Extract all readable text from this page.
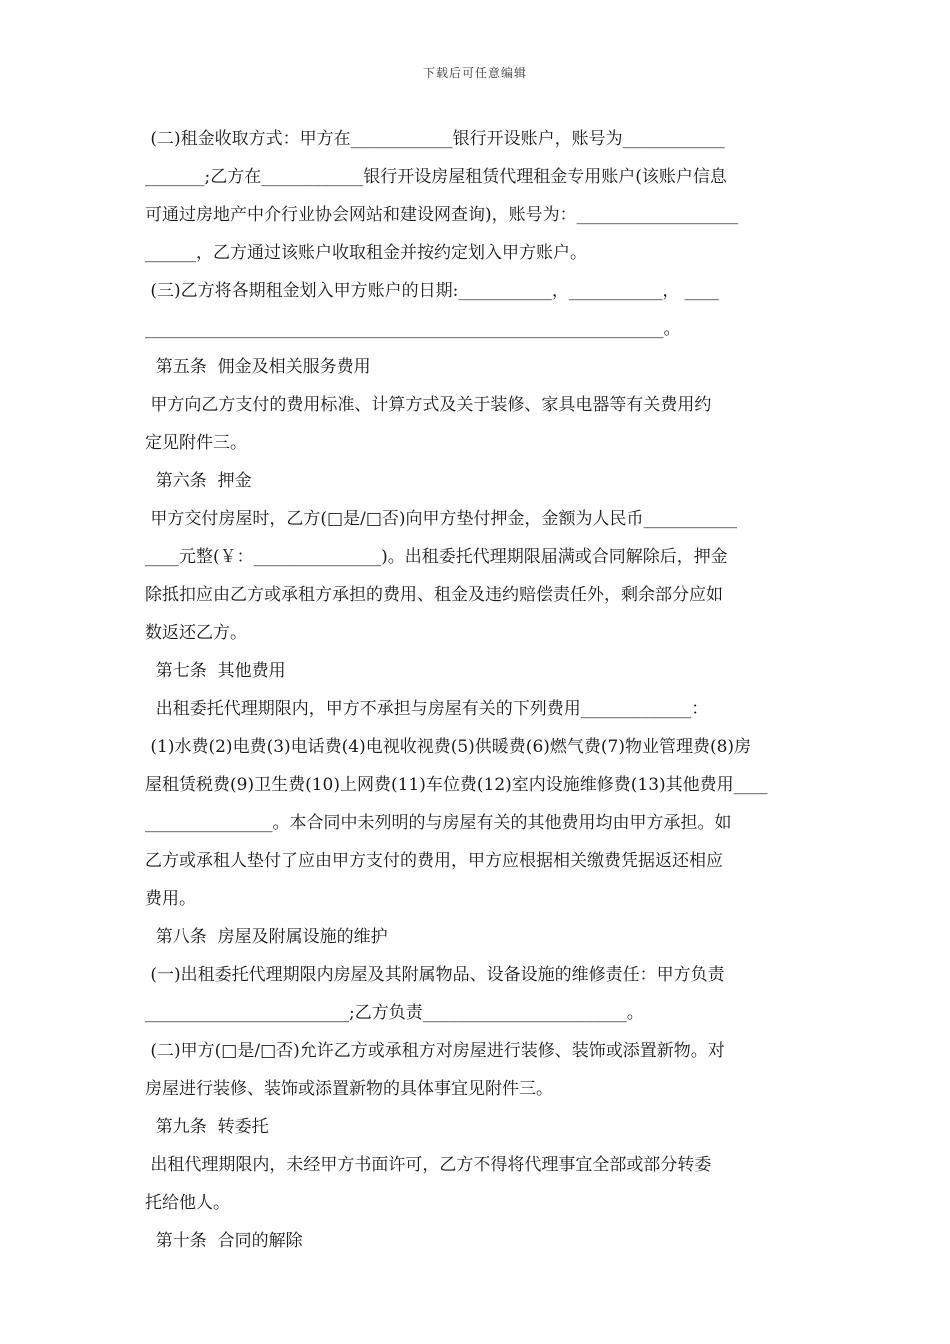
下载后可任意编辑

(二)租金收取方式：甲方在____________银行开设账户，账号为____________

_______;乙方在____________银行开设房屋租赁代理租金专用账户(该账户信息

可通过房地产中介行业协会网站和建设网查询)，账号为：___________________

______，乙方通过该账户收取租金并按约定划入甲方账户。

(三)乙方将各期租金划入甲方账户的日期:___________，___________， ____

_____________________________________________________________。

第五条  佣金及相关服务费用

甲方向乙方支付的费用标准、计算方式及关于装修、家具电器等有关费用约

定见附件三。

第六条  押金

甲方交付房屋时，乙方(□是/□否)向甲方垫付押金，金额为人民币___________

____元整(￥：_______________)。出租委托代理期限届满或合同解除后，押金

除抵扣应由乙方或承租方承担的费用、租金及违约赔偿责任外，剩余部分应如

数返还乙方。

第七条  其他费用

出租委托代理期限内，甲方不承担与房屋有关的下列费用_____________：

(1)水费(2)电费(3)电话费(4)电视收视费(5)供暖费(6)燃气费(7)物业管理费(8)房

屋租赁税费(9)卫生费(10)上网费(11)车位费(12)室内设施维修费(13)其他费用____

_______________。本合同中未列明的与房屋有关的其他费用均由甲方承担。如

乙方或承租人垫付了应由甲方支付的费用，甲方应根据相关缴费凭据返还相应

费用。

第八条  房屋及附属设施的维护

(一)出租委托代理期限内房屋及其附属物品、设备设施的维修责任：甲方负责

________________________;乙方负责________________________。

(二)甲方(□是/□否)允许乙方或承租方对房屋进行装修、装饰或添置新物。对

房屋进行装修、装饰或添置新物的具体事宜见附件三。

第九条  转委托

出租代理期限内，未经甲方书面许可，乙方不得将代理事宜全部或部分转委

托给他人。

第十条  合同的解除
